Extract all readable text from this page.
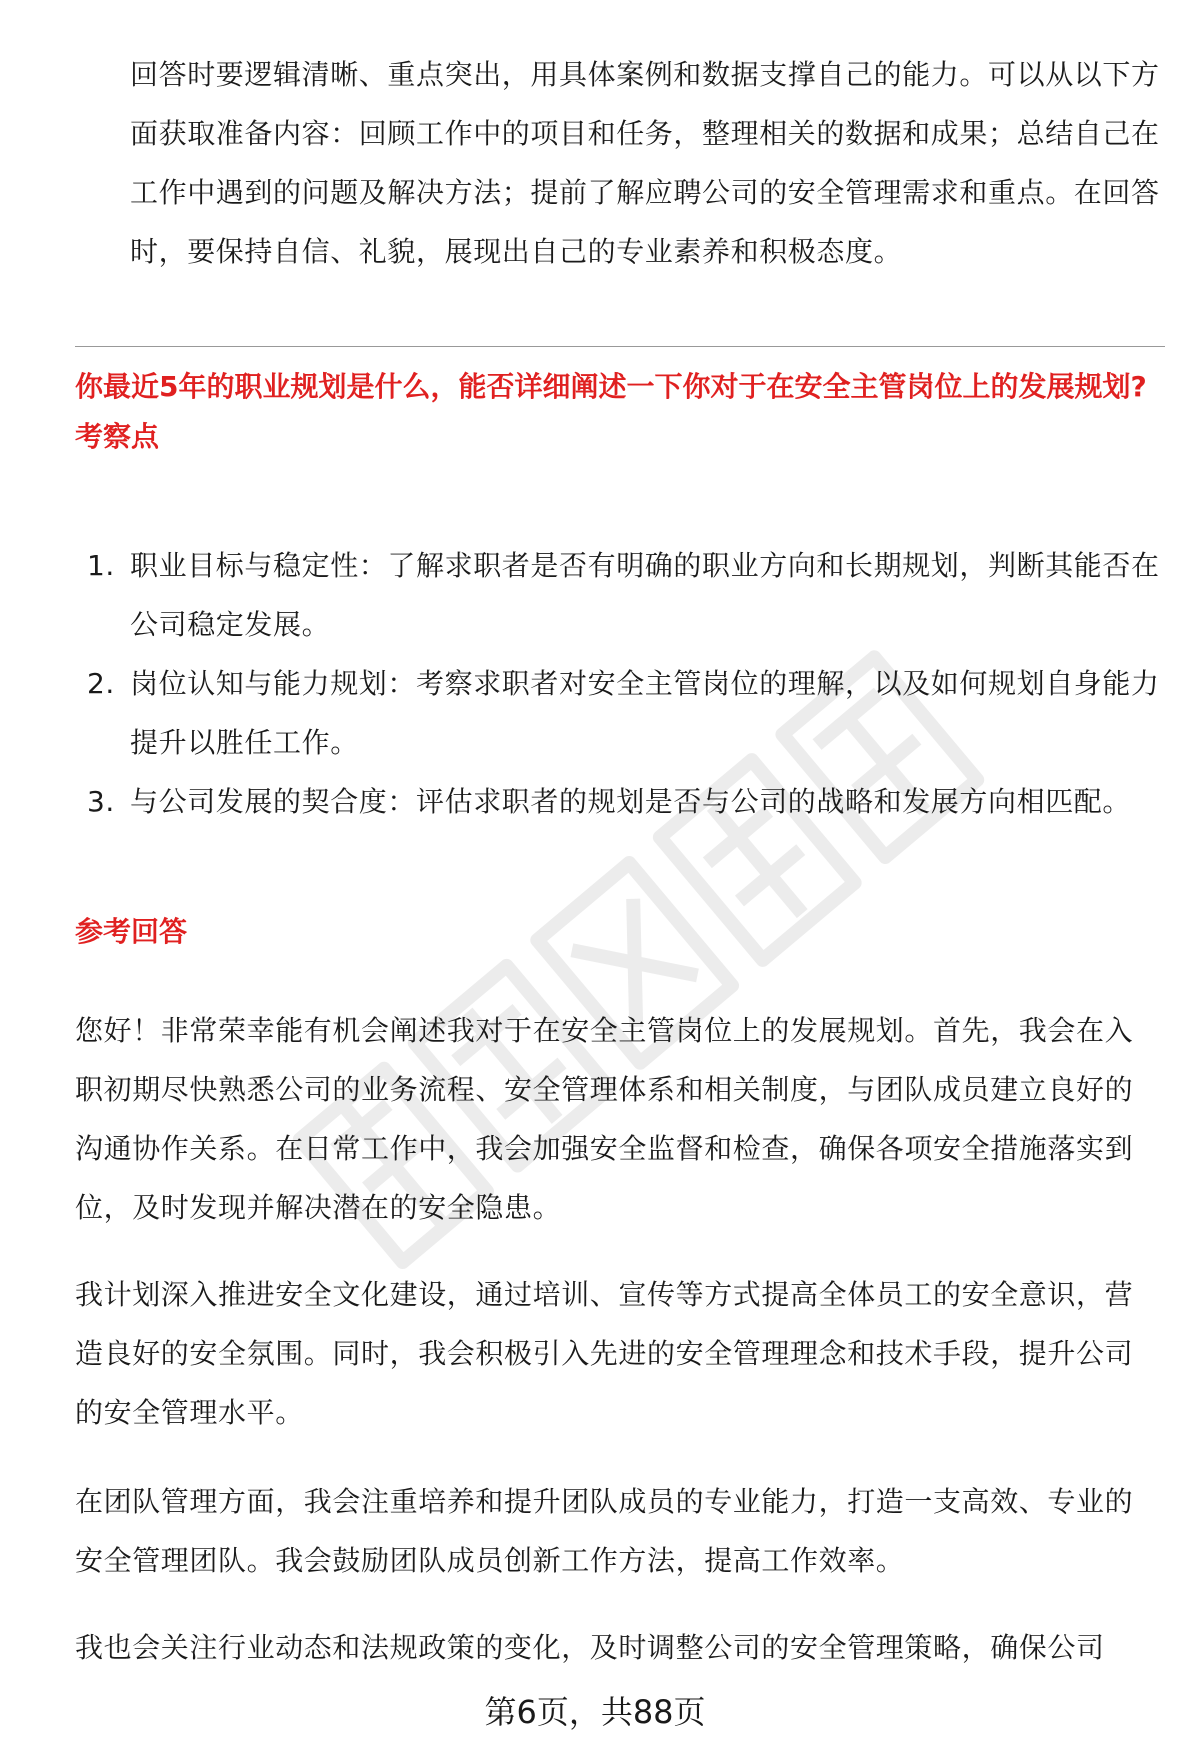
回答时要逻辑清晰、重点突出，用具体案例和数据支撑自己的能力。可以从以下方面获取准备内容：回顾工作中的项目和任务，整理相关的数据和成果；总结自己在工作中遇到的问题及解决方法；提前了解应聘公司的安全管理需求和重点。在回答时，要保持自信、礼貌，展现出自己的专业素养和积极态度。

你最近5年的职业规划是什么，能否详细阐述一下你对于在安全主管岗位上的发展规划?
考察点
1. 职业目标与稳定性：了解求职者是否有明确的职业方向和长期规划，判断其能否在公司稳定发展。
2. 岗位认知与能力规划：考察求职者对安全主管岗位的理解，以及如何规划自身能力提升以胜任工作。
3. 与公司发展的契合度：评估求职者的规划是否与公司的战略和发展方向相匹配。
参考回答

您好！非常荣幸能有机会阐述我对于在安全主管岗位上的发展规划。首先，我会在入职初期尽快熟悉公司的业务流程、安全管理体系和相关制度，与团队成员建立良好的沟通协作关系。在日常工作中，我会加强安全监督和检查，确保各项安全措施落实到位，及时发现并解决潜在的安全隐患。

我计划深入推进安全文化建设，通过培训、宣传等方式提高全体员工的安全意识，营造良好的安全氛围。同时，我会积极引入先进的安全管理理念和技术手段，提升公司的安全管理水平。

在团队管理方面，我会注重培养和提升团队成员的专业能力，打造一支高效、专业的安全管理团队。我会鼓励团队成员创新工作方法，提高工作效率。

我也会关注行业动态和法规政策的变化，及时调整公司的安全管理策略，确保公司

第6页，共88页
